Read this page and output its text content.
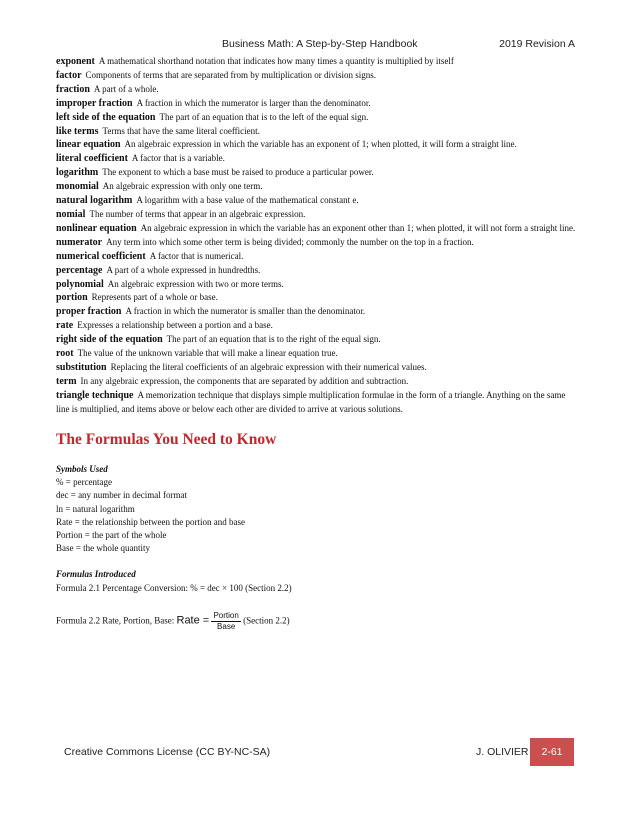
Business Math: A Step-by-Step Handbook	2019 Revision A
exponent A mathematical shorthand notation that indicates how many times a quantity is multiplied by itself
factor Components of terms that are separated from by multiplication or division signs.
fraction A part of a whole.
improper fraction A fraction in which the numerator is larger than the denominator.
left side of the equation The part of an equation that is to the left of the equal sign.
like terms Terms that have the same literal coefficient.
linear equation An algebraic expression in which the variable has an exponent of 1; when plotted, it will form a straight line.
literal coefficient A factor that is a variable.
logarithm The exponent to which a base must be raised to produce a particular power.
monomial An algebraic expression with only one term.
natural logarithm A logarithm with a base value of the mathematical constant e.
nomial The number of terms that appear in an algebraic expression.
nonlinear equation An algebraic expression in which the variable has an exponent other than 1; when plotted, it will not form a straight line.
numerator Any term into which some other term is being divided; commonly the number on the top in a fraction.
numerical coefficient A factor that is numerical.
percentage A part of a whole expressed in hundredths.
polynomial An algebraic expression with two or more terms.
portion Represents part of a whole or base.
proper fraction A fraction in which the numerator is smaller than the denominator.
rate Expresses a relationship between a portion and a base.
right side of the equation The part of an equation that is to the right of the equal sign.
root The value of the unknown variable that will make a linear equation true.
substitution Replacing the literal coefficients of an algebraic expression with their numerical values.
term In any algebraic expression, the components that are separated by addition and subtraction.
triangle technique A memorization technique that displays simple multiplication formulae in the form of a triangle. Anything on the same line is multiplied, and items above or below each other are divided to arrive at various solutions.
The Formulas You Need to Know
Symbols Used
% = percentage
dec = any number in decimal format
ln = natural logarithm
Rate = the relationship between the portion and base
Portion = the part of the whole
Base = the whole quantity
Formulas Introduced
Formula 2.1 Percentage Conversion: % = dec × 100 (Section 2.2)
Formula 2.2 Rate, Portion, Base: Rate = $\frac{\text{Portion}}{\text{Base}}$ (Section 2.2)
Creative Commons License (CC BY-NC-SA)	J. OLIVIER	2-61
